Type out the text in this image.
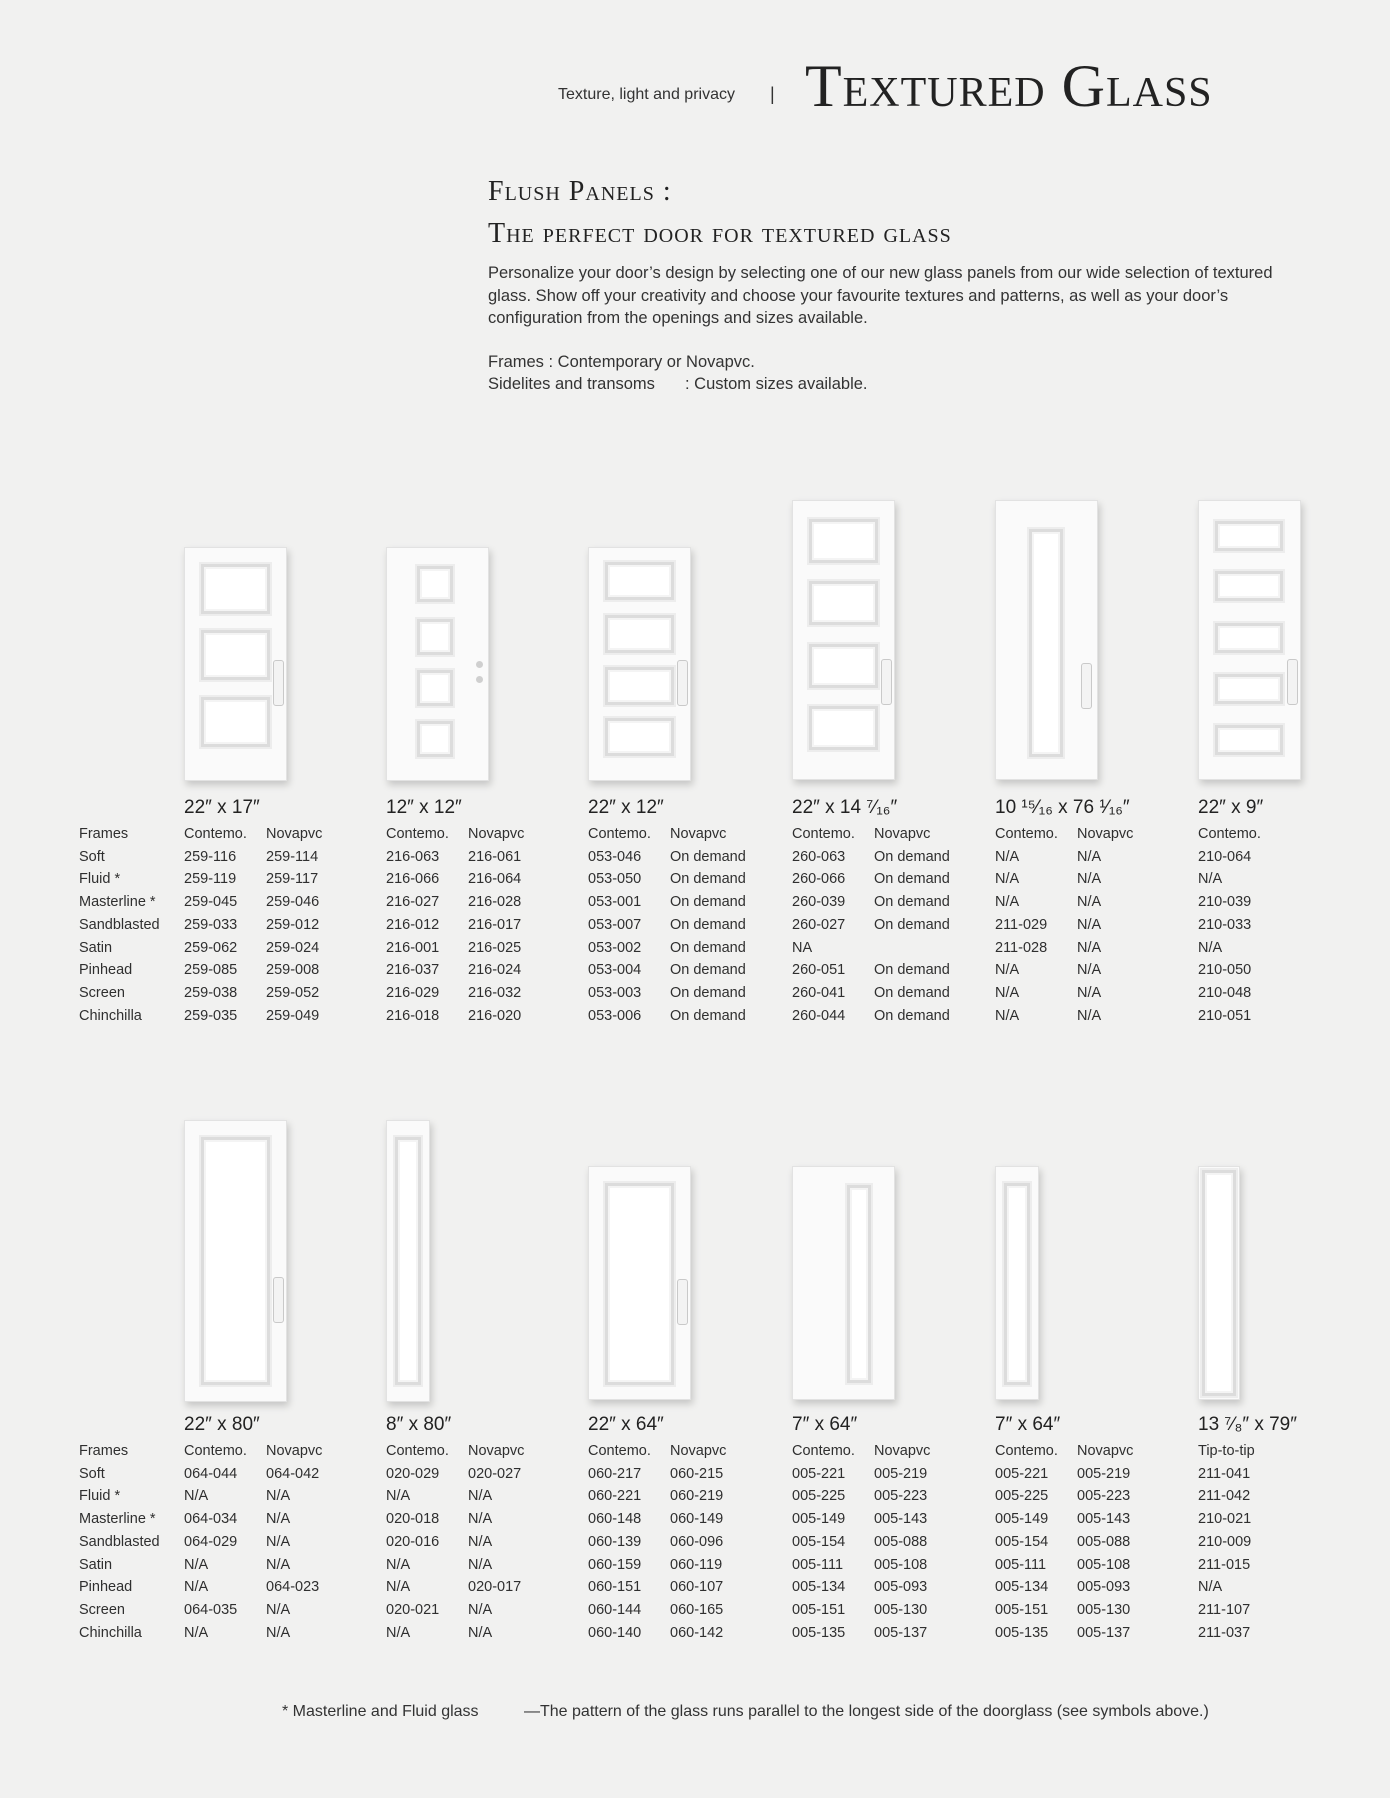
Texture, light and privacy | Textured Glass
Flush Panels :
The perfect door for textured glass
Personalize your door’s design by selecting one of our new glass panels from our wide selection of textured glass. Show off your creativity and choose your favourite textures and patterns, as well as your door’s configuration from the openings and sizes available.
Frames : Contemporary or Novapvc.
Sidelites and transoms : Custom sizes available.
Frames
Soft
Fluid *
Masterline *
Sandblasted
Satin
Pinhead
Screen
Chinchilla
22″ x 17″
Contemo.
259-116
259-119
259-045
259-033
259-062
259-085
259-038
259-035
Novapvc
259-114
259-117
259-046
259-012
259-024
259-008
259-052
259-049
12″ x 12″
Contemo.
216-063
216-066
216-027
216-012
216-001
216-037
216-029
216-018
Novapvc
216-061
216-064
216-028
216-017
216-025
216-024
216-032
216-020
22″ x 12″
Contemo.
053-046
053-050
053-001
053-007
053-002
053-004
053-003
053-006
Novapvc
On demand
On demand
On demand
On demand
On demand
On demand
On demand
On demand
22″ x 14 ⁷⁄₁₆″
Contemo.
260-063
260-066
260-039
260-027
NA
260-051
260-041
260-044
Novapvc
On demand
On demand
On demand
On demand

On demand
On demand
On demand
10 ¹⁵⁄₁₆ x 76 ¹⁄₁₆″
Contemo.
N/A
N/A
N/A
211-029
211-028
N/A
N/A
N/A
Novapvc
N/A
N/A
N/A
N/A
N/A
N/A
N/A
N/A
22″ x 9″
Contemo.
210-064
N/A
210-039
210-033
N/A
210-050
210-048
210-051

Frames
Soft
Fluid *
Masterline *
Sandblasted
Satin
Pinhead
Screen
Chinchilla
22″ x 80″
Contemo.
064-044
N/A
064-034
064-029
N/A
N/A
064-035
N/A
Novapvc
064-042
N/A
N/A
N/A
N/A
064-023
N/A
N/A
8″ x 80″
Contemo.
020-029
N/A
020-018
020-016
N/A
N/A
020-021
N/A
Novapvc
020-027
N/A
N/A
N/A
N/A
020-017
N/A
N/A
22″ x 64″
Contemo.
060-217
060-221
060-148
060-139
060-159
060-151
060-144
060-140
Novapvc
060-215
060-219
060-149
060-096
060-119
060-107
060-165
060-142
7″ x 64″
Contemo.
005-221
005-225
005-149
005-154
005-111
005-134
005-151
005-135
Novapvc
005-219
005-223
005-143
005-088
005-108
005-093
005-130
005-137
7″ x 64″
Contemo.
005-221
005-225
005-149
005-154
005-111
005-134
005-151
005-135
Novapvc
005-219
005-223
005-143
005-088
005-108
005-093
005-130
005-137
13 ⁷⁄₈″ x 79″
Tip-to-tip
211-041
211-042
210-021
210-009
211-015
N/A
211-107
211-037

* Masterline and Fluid glass	—The pattern of the glass runs parallel to the longest side of the doorglass (see symbols above.)
